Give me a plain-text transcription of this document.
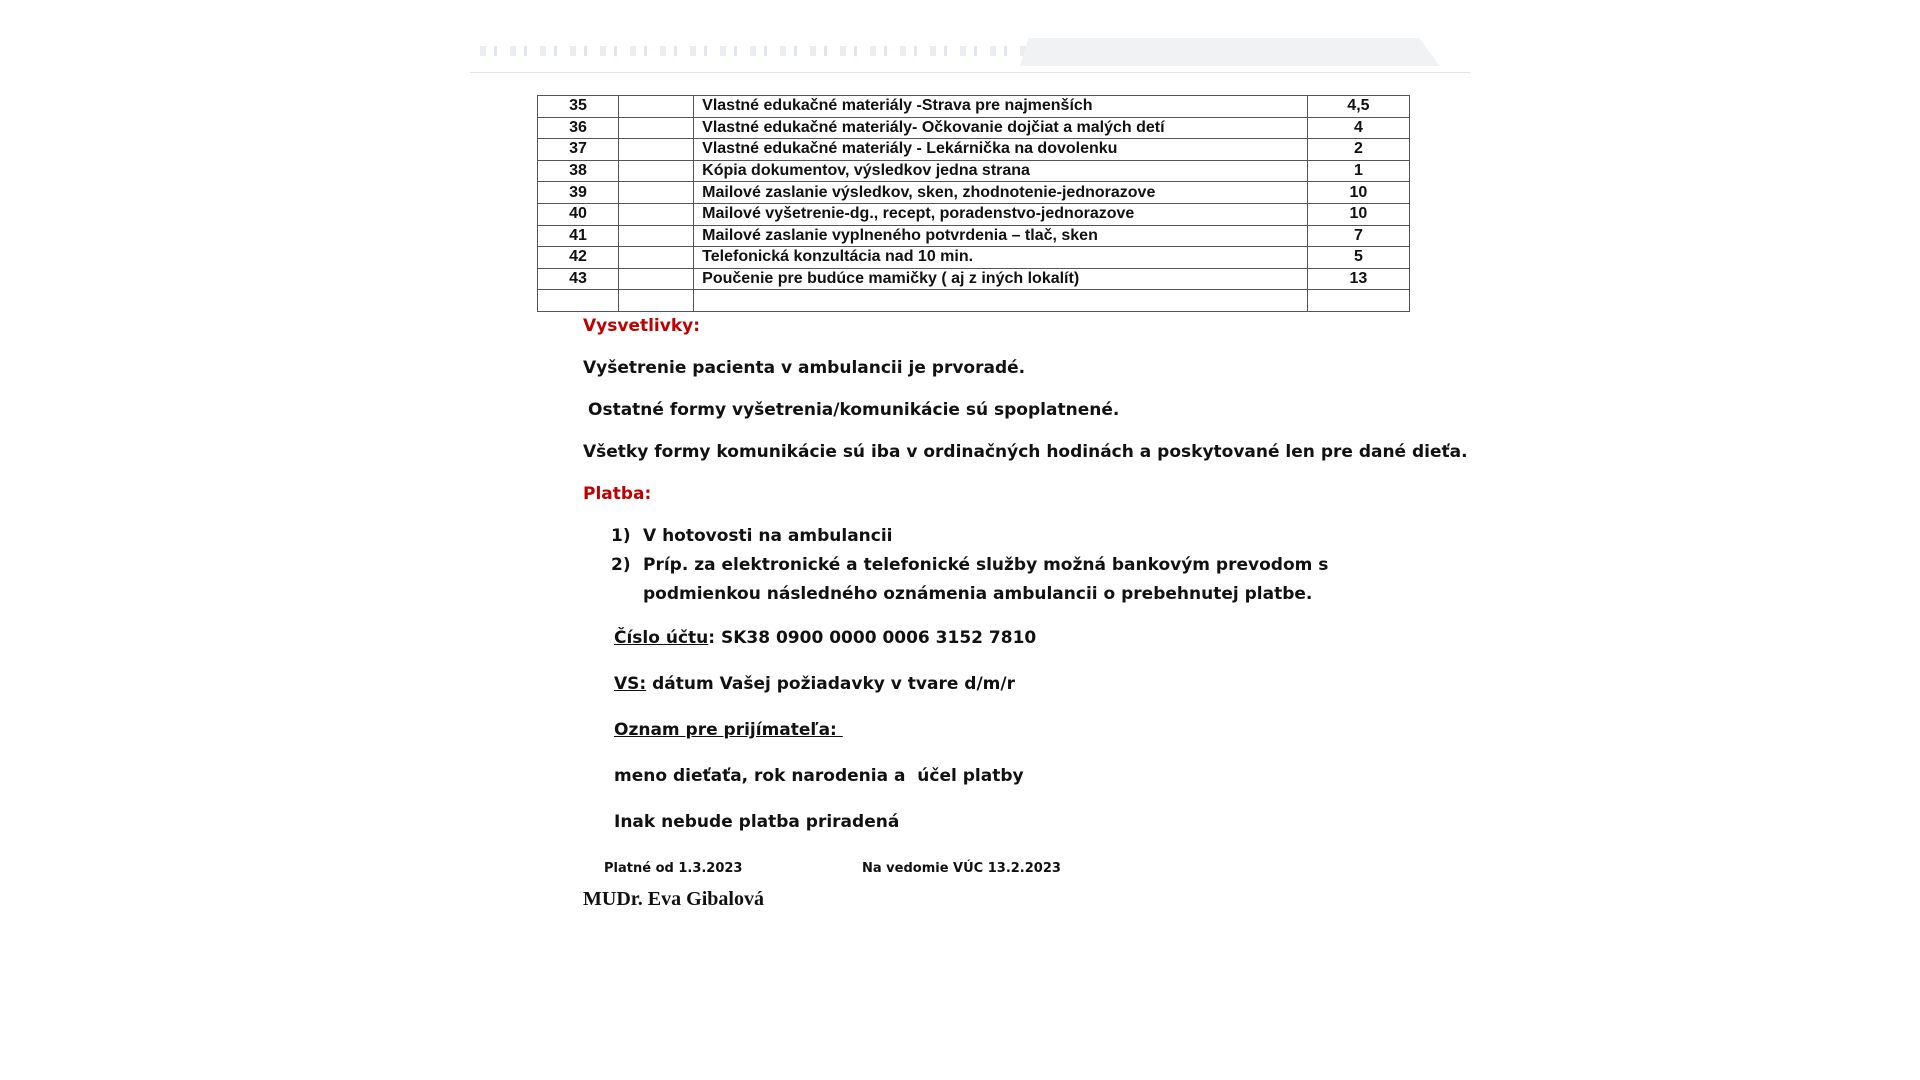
35		Vlastné edukačné materiály -Strava pre najmenších	4,5
36		Vlastné edukačné materiály- Očkovanie dojčiat a malých detí	4
37		Vlastné edukačné materiály - Lekárnička na dovolenku	2
38		Kópia dokumentov, výsledkov jedna strana	1
39		Mailové zaslanie výsledkov, sken, zhodnotenie-jednorazove	10
40		Mailové vyšetrenie-dg., recept, poradenstvo-jednorazove	10
41		Mailové zaslanie vyplneného potvrdenia – tlač, sken	7
42		Telefonická konzultácia nad 10 min.	5
43		Poučenie pre budúce mamičky ( aj z iných lokalít)	13

Vysvetlivky:
Vyšetrenie pacienta v ambulancii je prvoradé.
Ostatné formy vyšetrenia/komunikácie sú spoplatnené.
Všetky formy komunikácie sú iba v ordinačných hodinách a poskytované len pre dané dieťa.
Platba:
1) V hotovosti na ambulancii
2) Príp. za elektronické a telefonické služby možná bankovým prevodom s podmienkou následného oznámenia ambulancii o prebehnutej platbe.
Číslo účtu: SK38 0900 0000 0006 3152 7810
VS: dátum Vašej požiadavky v tvare d/m/r
Oznam pre prijímateľa:
meno dieťaťa, rok narodenia a  účel platby
Inak nebude platba priradená
Platné od 1.3.2023	Na vedomie VÚC 13.2.2023
MUDr. Eva Gibalová
